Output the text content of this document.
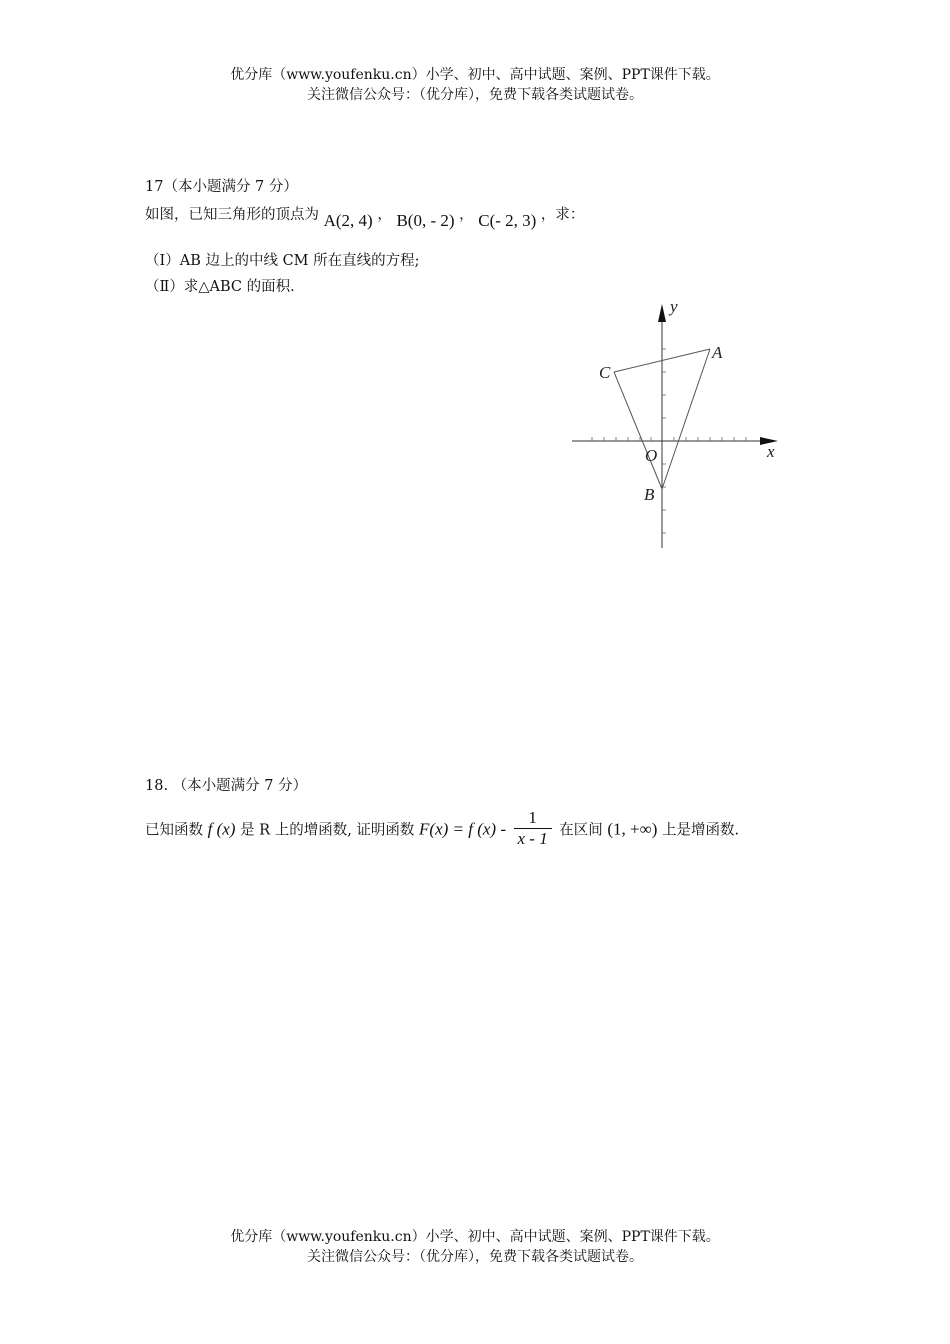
优分库（www.youfenku.cn）小学、初中、高中试题、案例、PPT课件下载。
关注微信公众号：（优分库），免费下载各类试题试卷。
17（本小题满分 7 分）
如图，已知三角形的顶点为 A(2, 4) ， B(0, - 2) ， C(- 2, 3) ，求：
（Ⅰ）AB 边上的中线 CM 所在直线的方程;
（Ⅱ）求△ABC 的面积.
A
B
C
O	x
y
18. （本小题满分 7 分）
已知函数 f (x) 是 R 上的增函数, 证明函数 F(x) = f $(x) - \frac{1}{x - 1}$ 在区间 (1, +∞) 上是增函数.
优分库（www.youfenku.cn）小学、初中、高中试题、案例、PPT课件下载。
关注微信公众号：（优分库），免费下载各类试题试卷。
